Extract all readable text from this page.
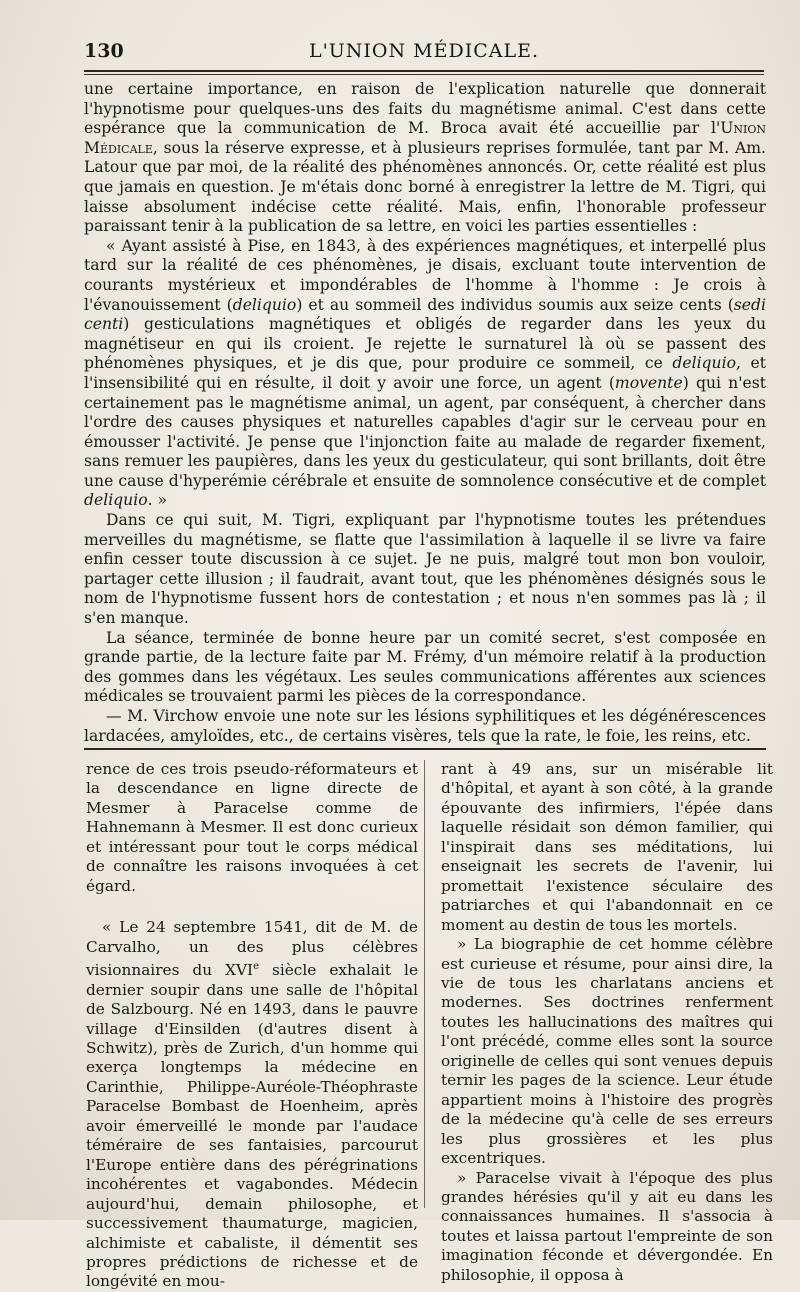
130	L'UNION MÉDICALE.

une certaine importance, en raison de l'explication naturelle que donnerait l'hypnotisme pour quelques-uns des faits du magnétisme animal. C'est dans cette espérance que la communication de M. Broca avait été accueillie par l'Union Médicale, sous la réserve expresse, et à plusieurs reprises formulée, tant par M. Am. Latour que par moi, de la réalité des phénomènes annoncés. Or, cette réalité est plus que jamais en question. Je m'étais donc borné à enregistrer la lettre de M. Tigri, qui laisse absolument indécise cette réalité. Mais, enfin, l'honorable professeur paraissant tenir à la publication de sa lettre, en voici les parties essentielles :

« Ayant assisté à Pise, en 1843, à des expériences magnétiques, et interpellé plus tard sur la réalité de ces phénomènes, je disais, excluant toute intervention de courants mystérieux et impondérables de l'homme à l'homme : Je crois à l'évanouissement (deliquio) et au sommeil des individus soumis aux seize cents (sedi centi) gesticulations magnétiques et obligés de regarder dans les yeux du magnétiseur en qui ils croient. Je rejette le surnaturel là où se passent des phénomènes physiques, et je dis que, pour produire ce sommeil, ce deliquio, et l'insensibilité qui en résulte, il doit y avoir une force, un agent (movente) qui n'est certainement pas le magnétisme animal, un agent, par conséquent, à chercher dans l'ordre des causes physiques et naturelles capables d'agir sur le cerveau pour en émousser l'activité. Je pense que l'injonction faite au malade de regarder fixement, sans remuer les paupières, dans les yeux du gesticulateur, qui sont brillants, doit être une cause d'hyperémie cérébrale et ensuite de somnolence consécutive et de complet deliquio. »

Dans ce qui suit, M. Tigri, expliquant par l'hypnotisme toutes les prétendues merveilles du magnétisme, se flatte que l'assimilation à laquelle il se livre va faire enfin cesser toute discussion à ce sujet. Je ne puis, malgré tout mon bon vouloir, partager cette illusion ; il faudrait, avant tout, que les phénomènes désignés sous le nom de l'hypnotisme fussent hors de contestation ; et nous n'en sommes pas là ; il s'en manque.

La séance, terminée de bonne heure par un comité secret, s'est composée en grande partie, de la lecture faite par M. Frémy, d'un mémoire relatif à la production des gommes dans les végétaux. Les seules communications afférentes aux sciences médicales se trouvaient parmi les pièces de la correspondance.

— M. Virchow envoie une note sur les lésions syphilitiques et les dégénérescences lardacées, amyloïdes, etc., de certains visères, tels que la rate, le foie, les reins, etc.

rence de ces trois pseudo-réformateurs et la descendance en ligne directe de Mesmer à Paracelse comme de Hahnemann à Mesmer. Il est donc curieux et intéressant pour tout le corps médical de connaître les raisons invoquées à cet égard.

« Le 24 septembre 1541, dit de M. de Carvalho, un des plus célèbres visionnaires du XVIe siècle exhalait le dernier soupir dans une salle de l'hôpital de Salzbourg. Né en 1493, dans le pauvre village d'Einsilden (d'autres disent à Schwitz), près de Zurich, d'un homme qui exerça longtemps la médecine en Carinthie, Philippe-Auréole-Théophraste Paracelse Bombast de Hoenheim, après avoir émerveillé le monde par l'audace téméraire de ses fantaisies, parcourut l'Europe entière dans des pérégrinations incohérentes et vagabondes. Médecin aujourd'hui, demain philosophe, et successivement thaumaturge, magicien, alchimiste et cabaliste, il démentit ses propres prédictions de richesse et de longévité en mou-

rant à 49 ans, sur un misérable lit d'hôpital, et ayant à son côté, à la grande épouvante des infirmiers, l'épée dans laquelle résidait son démon familier, qui l'inspirait dans ses méditations, lui enseignait les secrets de l'avenir, lui promettait l'existence séculaire des patriarches et qui l'abandonnait en ce moment au destin de tous les mortels.

» La biographie de cet homme célèbre est curieuse et résume, pour ainsi dire, la vie de tous les charlatans anciens et modernes. Ses doctrines renferment toutes les hallucinations des maîtres qui l'ont précédé, comme elles sont la source originelle de celles qui sont venues depuis ternir les pages de la science. Leur étude appartient moins à l'histoire des progrès de la médecine qu'à celle de ses erreurs les plus grossières et les plus excentriques.

» Paracelse vivait à l'époque des plus grandes hérésies qu'il y ait eu dans les connaissances humaines. Il s'associa à toutes et laissa partout l'empreinte de son imagination féconde et dévergondée. En philosophie, il opposa à
